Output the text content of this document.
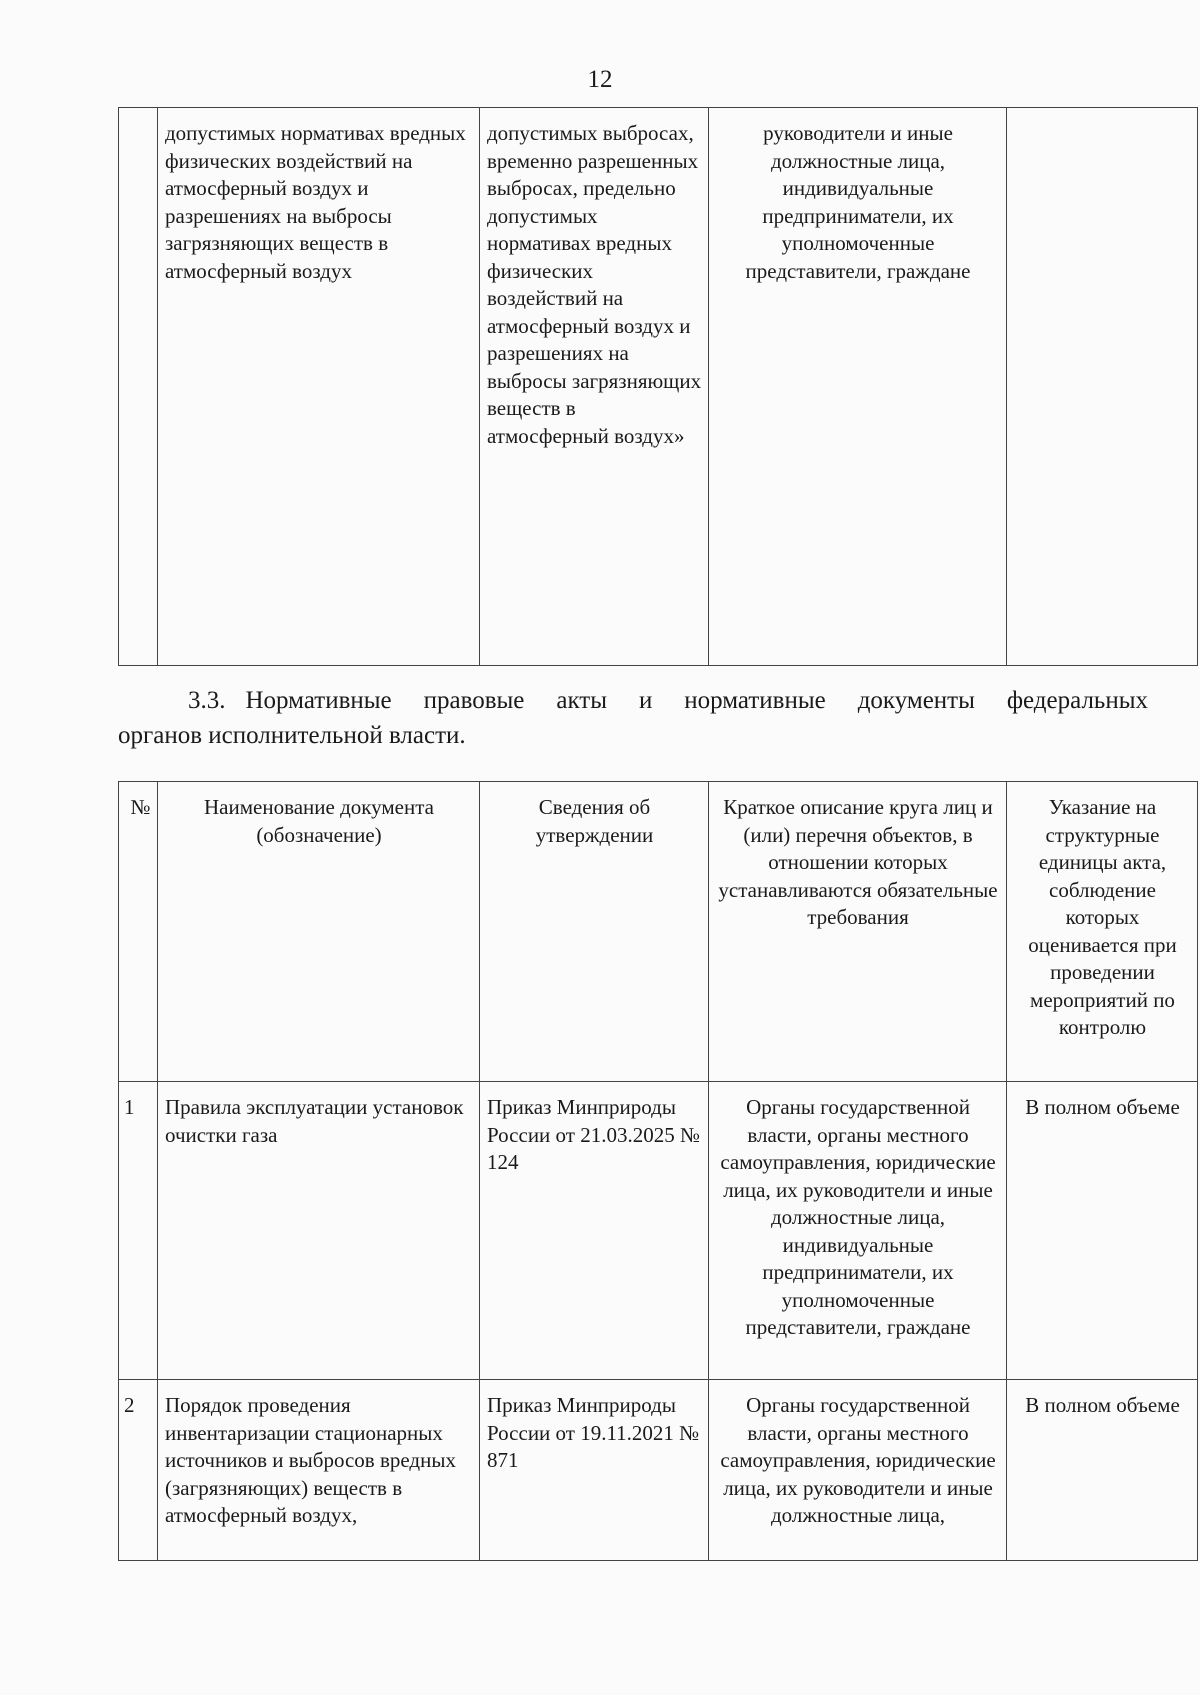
12
	допустимых нормативах вредных физических воздействий на атмосферный воздух и разрешениях на выбросы загрязняющих веществ в атмосферный воздух	допустимых выбросах, временно разрешенных выбросах, предельно допустимых нормативах вредных физических воздействий на атмосферный воздух и разрешениях на выбросы загрязняющих веществ в атмосферный воздух»	руководители и иные должностные лица, индивидуальные предприниматели, их уполномоченные представители, граждане	
3.3. Нормативные правовые акты и нормативные документы федеральных
органов исполнительной власти.
№	Наименование документа (обозначение)	Сведения об утверждении	Краткое описание круга лиц и (или) перечня объектов, в отношении которых устанавливаются обязательные требования	Указание на структурные единицы акта, соблюдение которых оценивается при проведении мероприятий по контролю
1	Правила эксплуатации установок очистки газа	Приказ Минприроды России от 21.03.2025 № 124	Органы государственной власти, органы местного самоуправления, юридические лица, их руководители и иные должностные лица, индивидуальные предприниматели, их уполномоченные представители, граждане	В полном объеме
2	Порядок проведения инвентаризации стационарных источников и выбросов вредных (загрязняющих) веществ в атмосферный воздух,	Приказ Минприроды России от 19.11.2021 № 871	Органы государственной власти, органы местного самоуправления, юридические лица, их руководители и иные должностные лица,	В полном объеме
